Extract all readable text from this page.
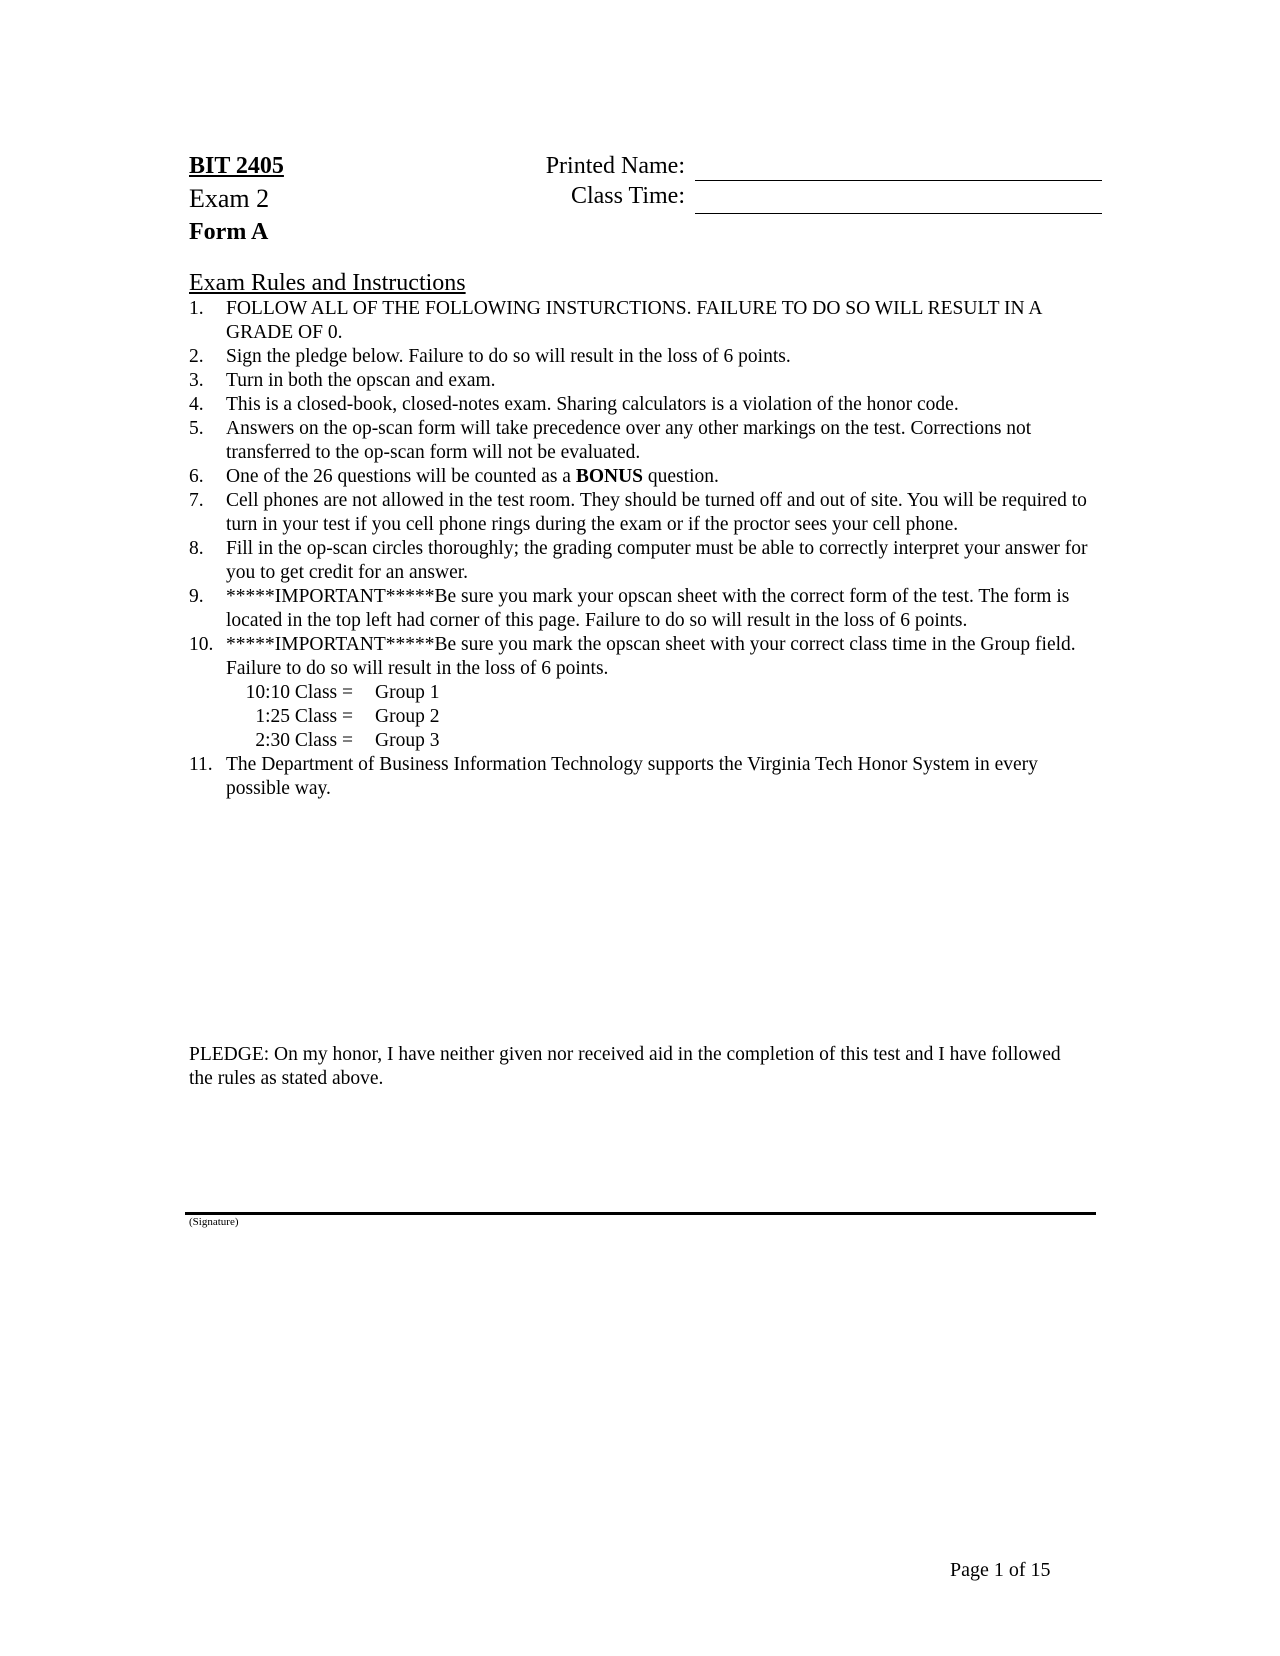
BIT 2405
Exam 2
Form A
Printed Name:
Class Time:
Exam Rules and Instructions
1.	FOLLOW ALL OF THE FOLLOWING INSTURCTIONS. FAILURE TO DO SO WILL RESULT IN A GRADE OF 0.
2.	Sign the pledge below. Failure to do so will result in the loss of 6 points.
3.	Turn in both the opscan and exam.
4.	This is a closed-book, closed-notes exam. Sharing calculators is a violation of the honor code.
5.	Answers on the op-scan form will take precedence over any other markings on the test. Corrections not transferred to the op-scan form will not be evaluated.
6.	One of the 26 questions will be counted as a BONUS question.
7.	Cell phones are not allowed in the test room. They should be turned off and out of site. You will be required to turn in your test if you cell phone rings during the exam or if the proctor sees your cell phone.
8.	Fill in the op-scan circles thoroughly; the grading computer must be able to correctly interpret your answer for you to get credit for an answer.
9.	*****IMPORTANT*****Be sure you mark your opscan sheet with the correct form of the test. The form is located in the top left had corner of this page. Failure to do so will result in the loss of 6 points.
10. *****IMPORTANT*****Be sure you mark the opscan sheet with your correct class time in the Group field. Failure to do so will result in the loss of 6 points.
10:10 Class =	Group 1
1:25 Class =	Group 2
2:30 Class =	Group 3
11. The Department of Business Information Technology supports the Virginia Tech Honor System in every possible way.
PLEDGE: On my honor, I have neither given nor received aid in the completion of this test and I have followed the rules as stated above.
(Signature)
Page 1 of 15
